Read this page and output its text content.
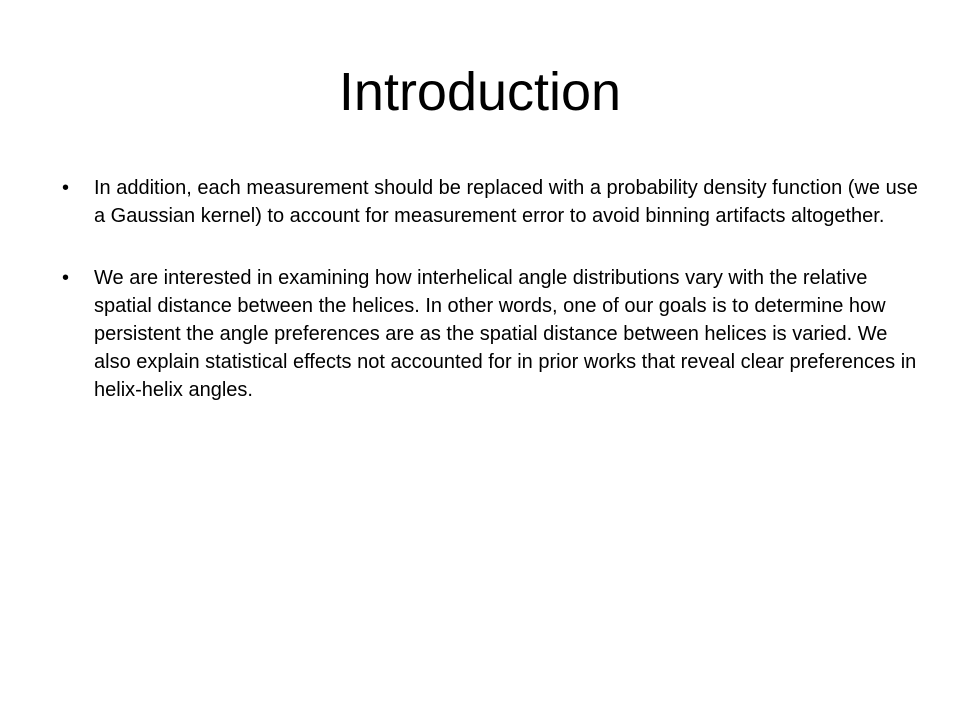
Introduction
•	In addition, each measurement should be replaced with a probability density function (we use a Gaussian kernel) to account for measurement error to avoid binning artifacts altogether.
•	We are interested in examining how interhelical angle distributions vary with the relative spatial distance between the helices. In other words, one of our goals is to determine how persistent the angle preferences are as the spatial distance between helices is varied. We also explain statistical effects not accounted for in prior works that reveal clear preferences in helix-helix angles.
